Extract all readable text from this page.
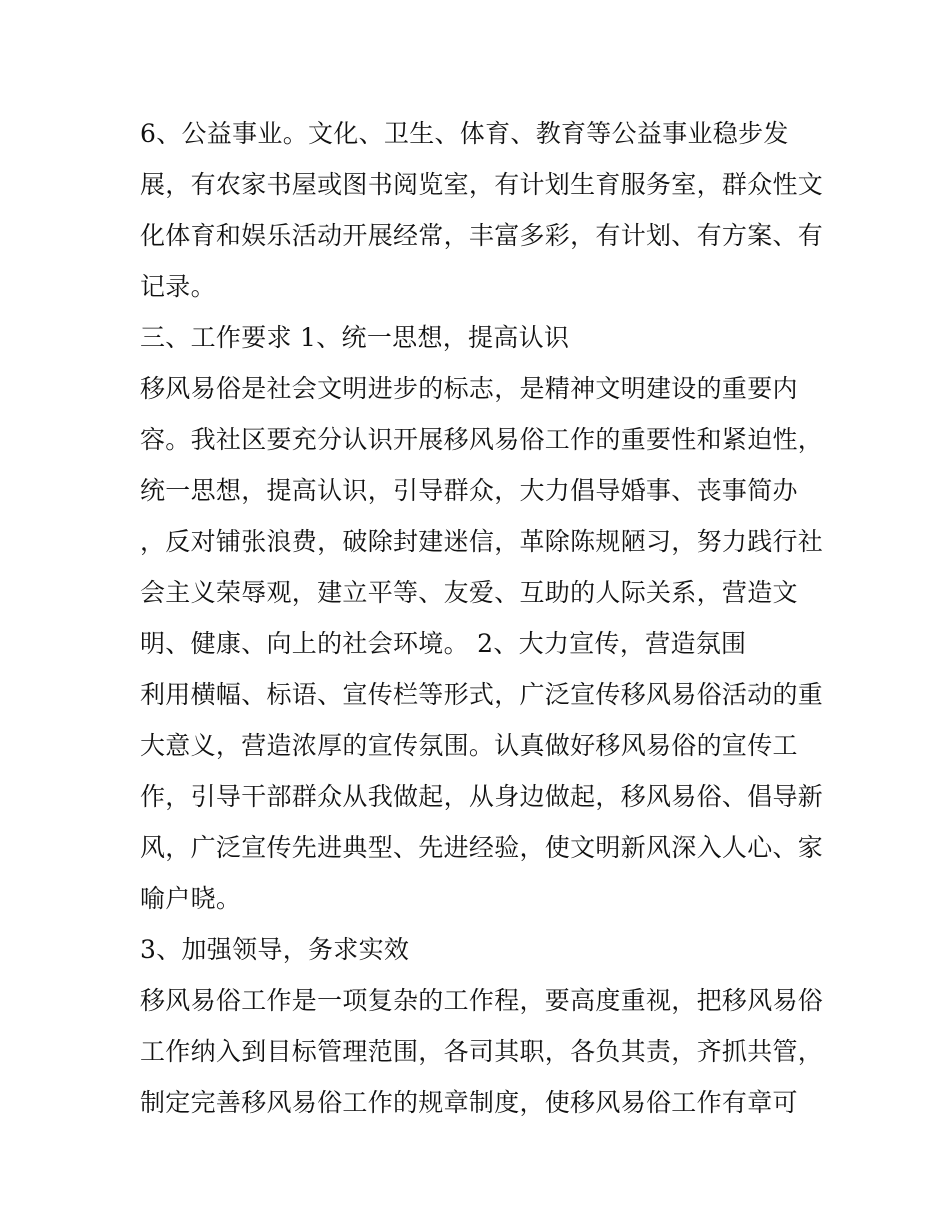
6、公益事业。文化、卫生、体育、教育等公益事业稳步发
展，有农家书屋或图书阅览室，有计划生育服务室，群众性文
化体育和娱乐活动开展经常，丰富多彩，有计划、有方案、有
记录。
三、工作要求 1、统一思想，提高认识
移风易俗是社会文明进步的标志，是精神文明建设的重要内
容。我社区要充分认识开展移风易俗工作的重要性和紧迫性，
统一思想，提高认识，引导群众，大力倡导婚事、丧事简办
，反对铺张浪费，破除封建迷信，革除陈规陋习，努力践行社
会主义荣辱观，建立平等、友爱、互助的人际关系，营造文
明、健康、向上的社会环境。 2、大力宣传，营造氛围
利用横幅、标语、宣传栏等形式，广泛宣传移风易俗活动的重
大意义，营造浓厚的宣传氛围。认真做好移风易俗的宣传工
作，引导干部群众从我做起，从身边做起，移风易俗、倡导新
风，广泛宣传先进典型、先进经验，使文明新风深入人心、家
喻户晓。
3、加强领导，务求实效
移风易俗工作是一项复杂的工作程，要高度重视，把移风易俗
工作纳入到目标管理范围，各司其职，各负其责，齐抓共管，
制定完善移风易俗工作的规章制度，使移风易俗工作有章可
